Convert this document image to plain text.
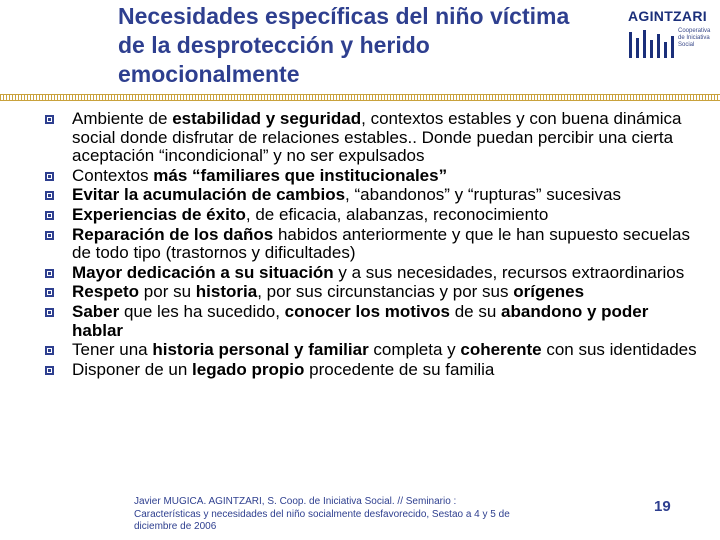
Necesidades específicas del niño víctima de la desprotección y herido emocionalmente
AGINTZARI
Cooperativa de Iniciativa Social
Ambiente de estabilidad y seguridad, contextos estables y con buena dinámica social donde disfrutar de relaciones estables.. Donde puedan percibir una cierta aceptación “incondicional” y no ser expulsados
Contextos más “familiares que institucionales”
Evitar la acumulación de cambios, “abandonos” y “rupturas” sucesivas
Experiencias de éxito, de eficacia, alabanzas, reconocimiento
Reparación de los daños habidos anteriormente y que le han supuesto secuelas de todo tipo (trastornos y dificultades)
Mayor dedicación a su situación y a sus necesidades, recursos extraordinarios
Respeto por su historia, por sus circunstancias y por sus orígenes
Saber que les ha sucedido, conocer los motivos de su abandono y poder hablar
Tener una historia personal y familiar completa y coherente con sus identidades
Disponer de un legado propio procedente de su familia
Javier MUGICA. AGINTZARI, S. Coop. de Iniciativa Social. // Seminario :
Características y necesidades del niño socialmente desfavorecido, Sestao a 4 y 5 de
diciembre de 2006
19
